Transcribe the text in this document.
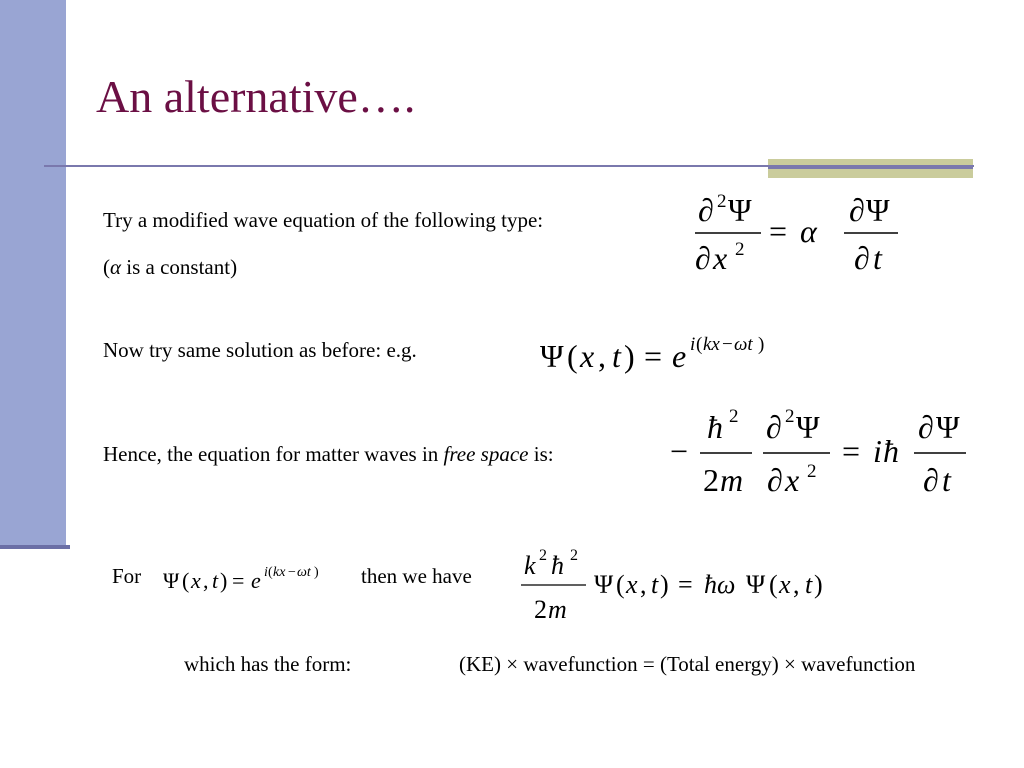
An alternative….
Try a modified wave equation of the following type:
(α is a constant)
Now try same solution as before: e.g.
Hence, the equation for matter waves in free space is:
For	then we have
which has the form:	(KE) × wavefunction = (Total energy) × wavefunction
∂ 2 Ψ
∂ x 2
= α
∂ Ψ
∂ t
Ψ ( x , t ) = e i ( kx − ωt )
−
ħ 2
2 m
∂ 2 Ψ
∂ x 2
= i ħ
∂ Ψ
∂ t
Ψ ( x , t ) = e i ( kx − ωt )	k 2 ħ 2
2 m
Ψ ( x , t ) = ħ ω Ψ ( x , t )
